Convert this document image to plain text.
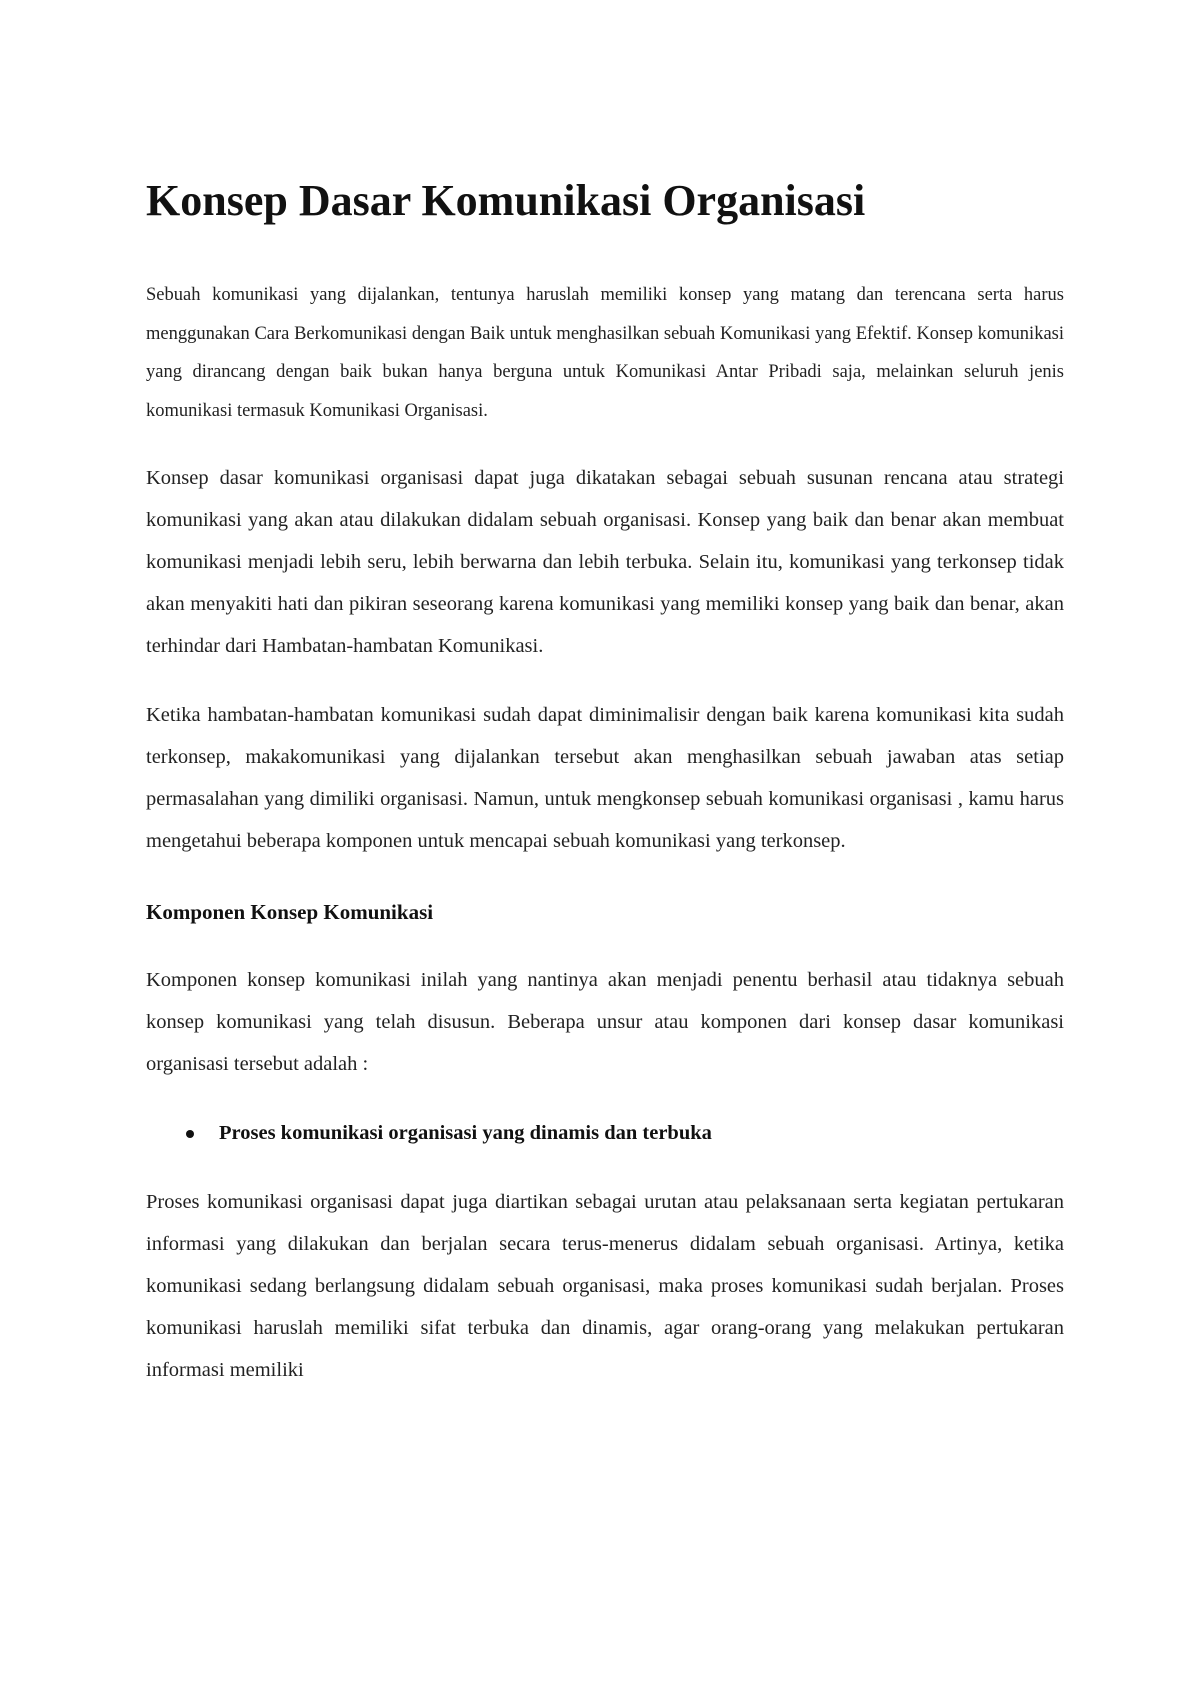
Konsep Dasar Komunikasi Organisasi

Sebuah komunikasi yang dijalankan, tentunya haruslah memiliki konsep yang matang dan terencana serta harus menggunakan Cara Berkomunikasi dengan Baik untuk menghasilkan sebuah Komunikasi yang Efektif. Konsep komunikasi yang dirancang dengan baik bukan hanya berguna untuk Komunikasi Antar Pribadi saja, melainkan seluruh jenis komunikasi termasuk Komunikasi Organisasi.

Konsep dasar komunikasi organisasi dapat juga dikatakan sebagai sebuah susunan rencana atau strategi komunikasi yang akan atau dilakukan didalam sebuah organisasi. Konsep yang baik dan benar akan membuat komunikasi menjadi lebih seru, lebih berwarna dan lebih terbuka. Selain itu, komunikasi yang terkonsep tidak akan menyakiti hati dan pikiran seseorang karena komunikasi yang memiliki konsep yang baik dan benar, akan terhindar dari Hambatan-hambatan Komunikasi.

Ketika hambatan-hambatan komunikasi sudah dapat diminimalisir dengan baik karena komunikasi kita sudah terkonsep, makakomunikasi yang dijalankan tersebut akan menghasilkan sebuah jawaban atas setiap permasalahan yang dimiliki organisasi. Namun, untuk mengkonsep sebuah komunikasi organisasi , kamu harus mengetahui beberapa komponen untuk mencapai sebuah komunikasi yang terkonsep.

Komponen Konsep Komunikasi

Komponen konsep komunikasi inilah yang nantinya akan menjadi penentu berhasil atau tidaknya sebuah konsep komunikasi yang telah disusun. Beberapa unsur atau komponen dari konsep dasar komunikasi organisasi tersebut adalah :

Proses komunikasi organisasi yang dinamis dan terbuka

Proses komunikasi organisasi dapat juga diartikan sebagai urutan atau pelaksanaan serta kegiatan pertukaran informasi yang dilakukan dan berjalan secara terus-menerus didalam sebuah organisasi. Artinya, ketika komunikasi sedang berlangsung didalam sebuah organisasi, maka proses komunikasi sudah berjalan. Proses komunikasi haruslah memiliki sifat terbuka dan dinamis, agar orang-orang yang melakukan pertukaran informasi memiliki
